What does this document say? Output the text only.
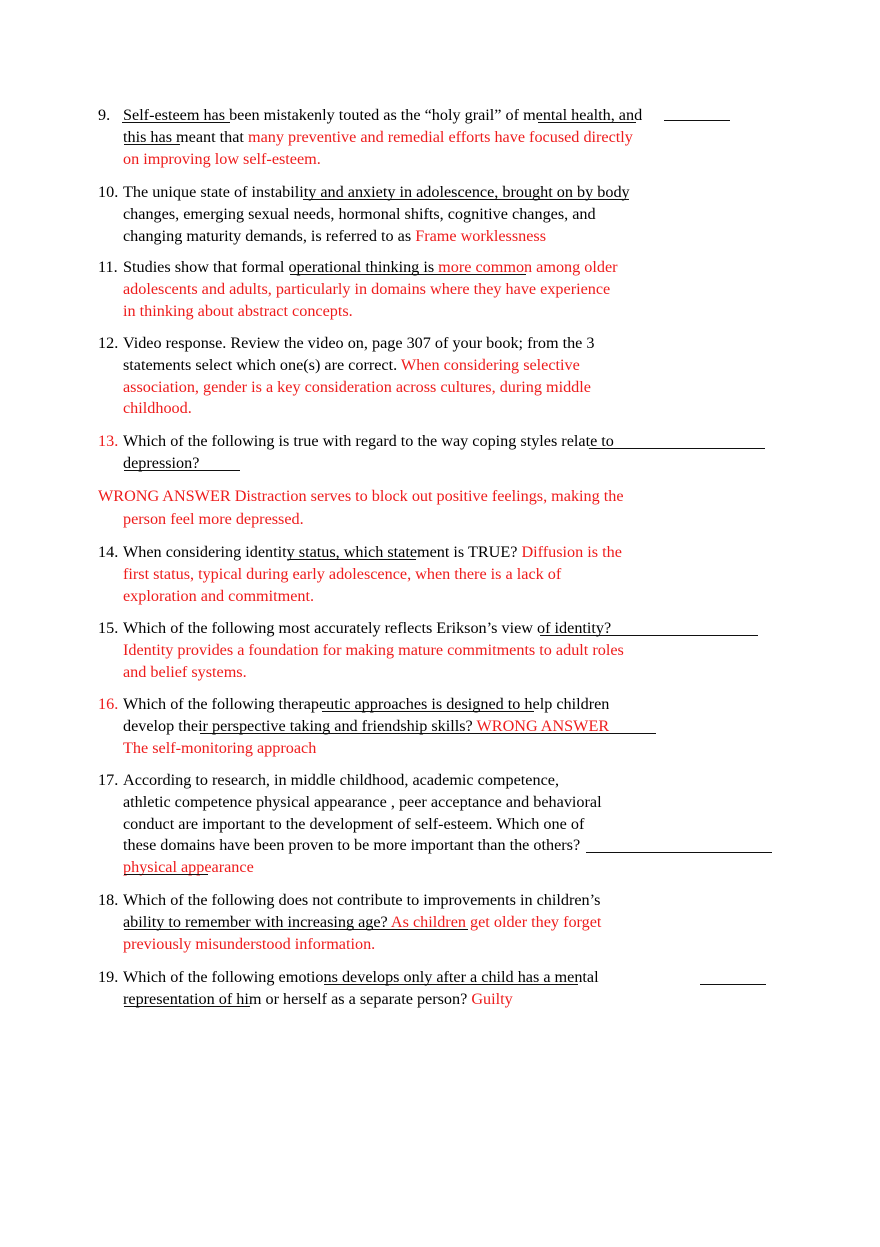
9. Self-esteem has been mistakenly touted as the “holy grail” of mental health, and this has meant that many preventive and remedial efforts have focused directly on improving low self-esteem.
10. The unique state of instability and anxiety in adolescence, brought on by body changes, emerging sexual needs, hormonal shifts, cognitive changes, and changing maturity demands, is referred to as Frame worklessness
11. Studies show that formal operational thinking is more common among older adolescents and adults, particularly in domains where they have experience in thinking about abstract concepts.
12. Video response. Review the video on, page 307 of your book; from the 3 statements select which one(s) are correct. When considering selective association, gender is a key consideration across cultures, during middle childhood.
13. Which of the following is true with regard to the way coping styles relate to depression?
WRONG ANSWER Distraction serves to block out positive feelings, making the
person feel more depressed.
14. When considering identity status, which statement is TRUE? Diffusion is the first status, typical during early adolescence, when there is a lack of exploration and commitment.
15. Which of the following most accurately reflects Erikson’s view of identity? Identity provides a foundation for making mature commitments to adult roles and belief systems.
16. Which of the following therapeutic approaches is designed to help children develop their perspective taking and friendship skills? WRONG ANSWER The self-monitoring approach
17. According to research, in middle childhood, academic competence, athletic competence physical appearance , peer acceptance and behavioral conduct are important to the development of self-esteem. Which one of these domains have been proven to be more important than the others? physical appearance
18. Which of the following does not contribute to improvements in children’s ability to remember with increasing age? As children get older they forget previously misunderstood information.
19. Which of the following emotions develops only after a child has a mental representation of him or herself as a separate person? Guilty
